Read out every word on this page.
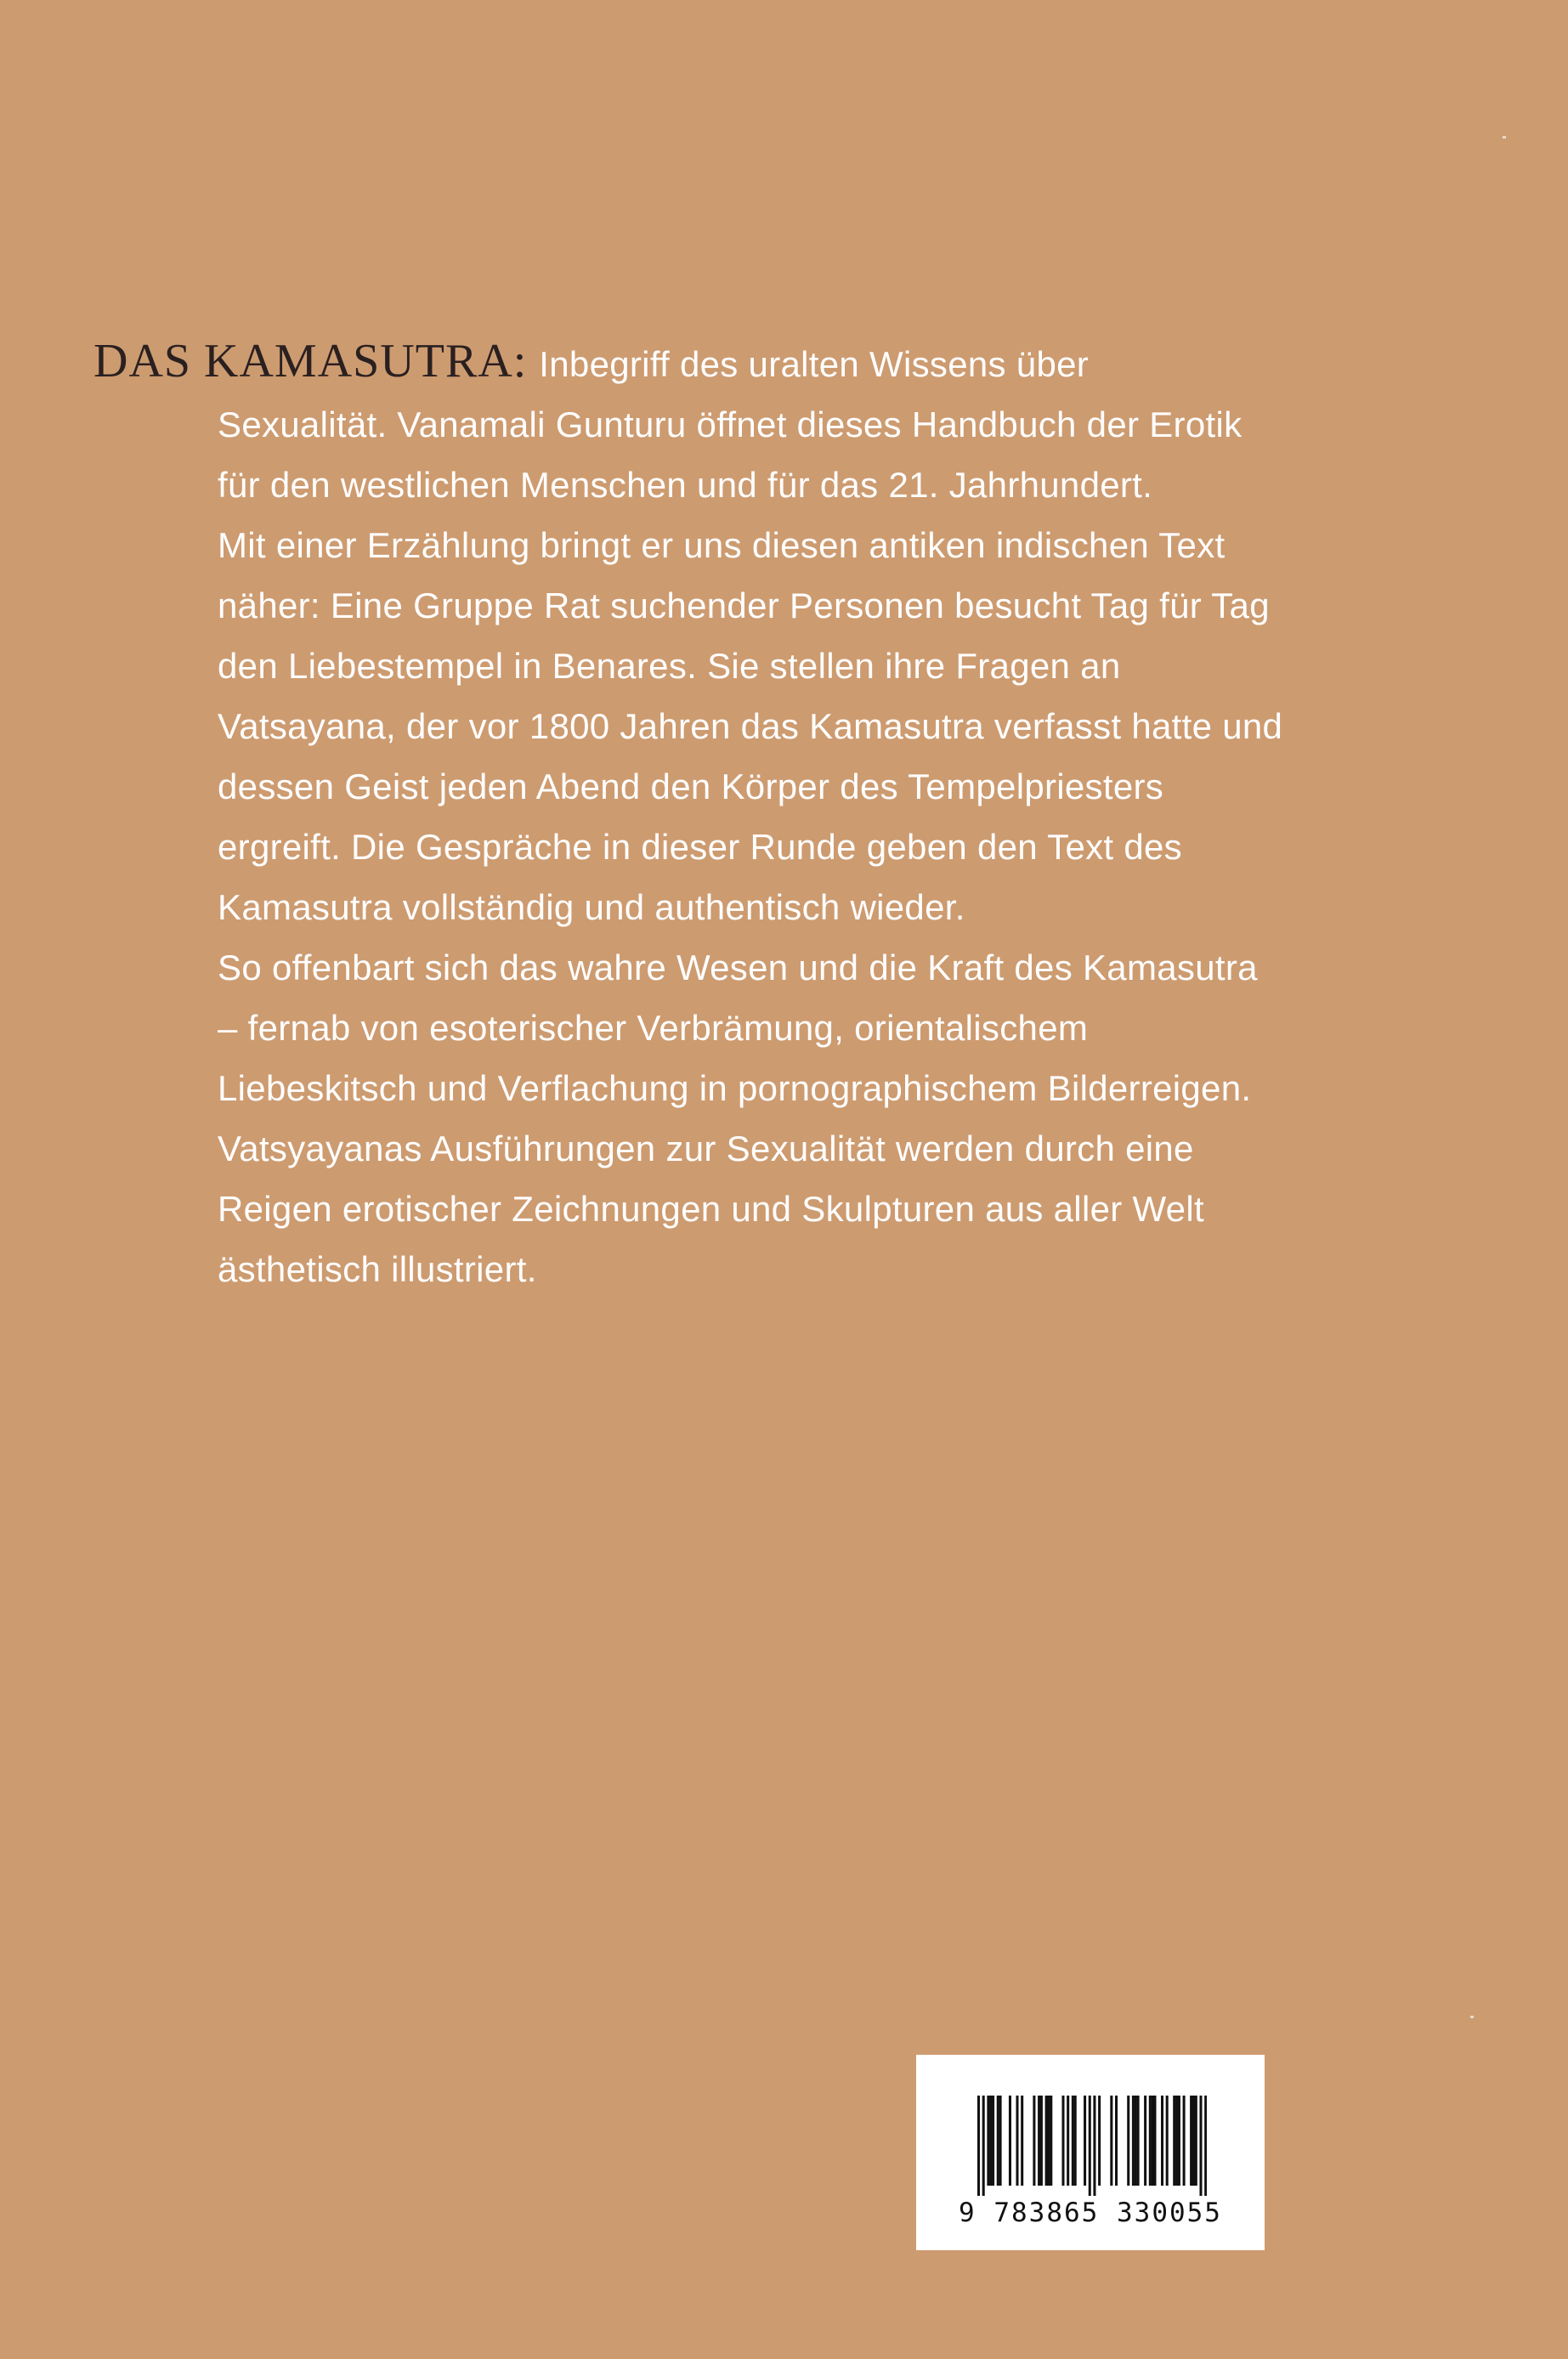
DAS KAMASUTRA: Inbegriff des uralten Wissens über
Sexualität. Vanamali Gunturu öffnet dieses Handbuch der Erotik
für den westlichen Menschen und für das 21. Jahrhundert.
Mit einer Erzählung bringt er uns diesen antiken indischen Text
näher: Eine Gruppe Rat suchender Personen besucht Tag für Tag
den Liebestempel in Benares. Sie stellen ihre Fragen an
Vatsayana, der vor 1800 Jahren das Kamasutra verfasst hatte und
dessen Geist jeden Abend den Körper des Tempelpriesters
ergreift. Die Gespräche in dieser Runde geben den Text des
Kamasutra vollständig und authentisch wieder.
So offenbart sich das wahre Wesen und die Kraft des Kamasutra
– fernab von esoterischer Verbrämung, orientalischem
Liebeskitsch und Verflachung in pornographischem Bilderreigen.
Vatsyayanas Ausführungen zur Sexualität werden durch eine
Reigen erotischer Zeichnungen und Skulpturen aus aller Welt
ästhetisch illustriert.
9 783865 330055
